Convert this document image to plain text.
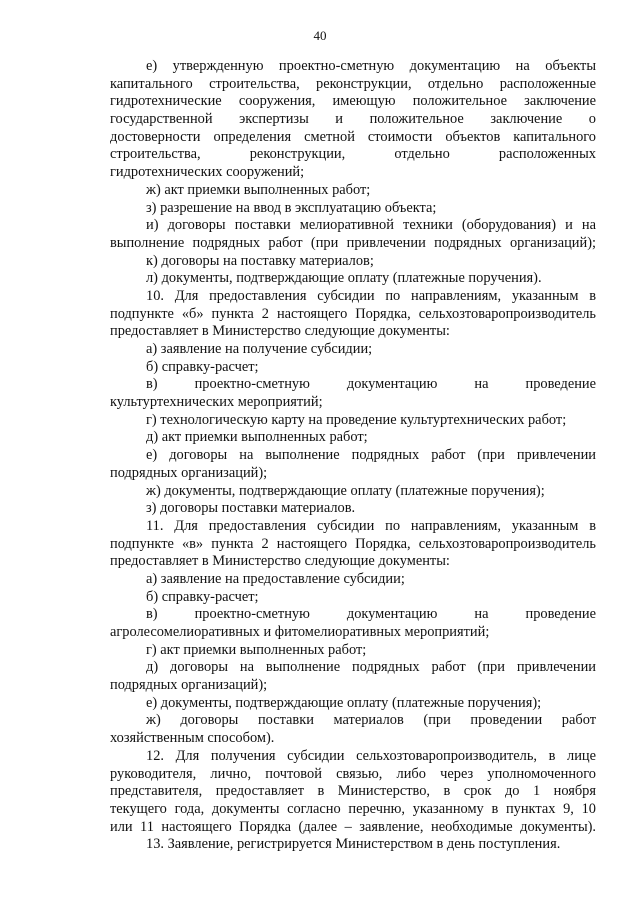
40
е) утвержденную проектно-сметную документацию на объекты
капитального строительства, реконструкции, отдельно расположенные
гидротехнические сооружения, имеющую положительное заключение
государственной экспертизы и положительное заключение о
достоверности определения сметной стоимости объектов капитального
строительства, реконструкции, отдельно расположенных
гидротехнических сооружений;
ж) акт приемки выполненных работ;
з) разрешение на ввод в эксплуатацию объекта;
и) договоры поставки мелиоративной техники (оборудования) и на
выполнение подрядных работ (при привлечении подрядных организаций);
к) договоры на поставку материалов;
л) документы, подтверждающие оплату (платежные поручения).
10. Для предоставления субсидии по направлениям, указанным в
подпункте «б» пункта 2 настоящего Порядка, сельхозтоваропроизводитель
предоставляет в Министерство следующие документы:
а) заявление на получение субсидии;
б) справку-расчет;
в) проектно-сметную документацию на проведение
культуртехнических мероприятий;
г) технологическую карту на проведение культуртехнических работ;
д) акт приемки выполненных работ;
е) договоры на выполнение подрядных работ (при привлечении
подрядных организаций);
ж) документы, подтверждающие оплату (платежные поручения);
з) договоры поставки материалов.
11. Для предоставления субсидии по направлениям, указанным в
подпункте «в» пункта 2 настоящего Порядка, сельхозтоваропроизводитель
предоставляет в Министерство следующие документы:
а) заявление на предоставление субсидии;
б) справку-расчет;
в) проектно-сметную документацию на проведение
агролесомелиоративных и фитомелиоративных мероприятий;
г) акт приемки выполненных работ;
д) договоры на выполнение подрядных работ (при привлечении
подрядных организаций);
е) документы, подтверждающие оплату (платежные поручения);
ж) договоры поставки материалов (при проведении работ
хозяйственным способом).
12. Для получения субсидии сельхозтоваропроизводитель, в лице
руководителя, лично, почтовой связью, либо через уполномоченного
представителя, предоставляет в Министерство, в срок до 1 ноября
текущего года, документы согласно перечню, указанному в пунктах 9, 10
или 11 настоящего Порядка (далее – заявление, необходимые документы).
13. Заявление, регистрируется Министерством в день поступления.
